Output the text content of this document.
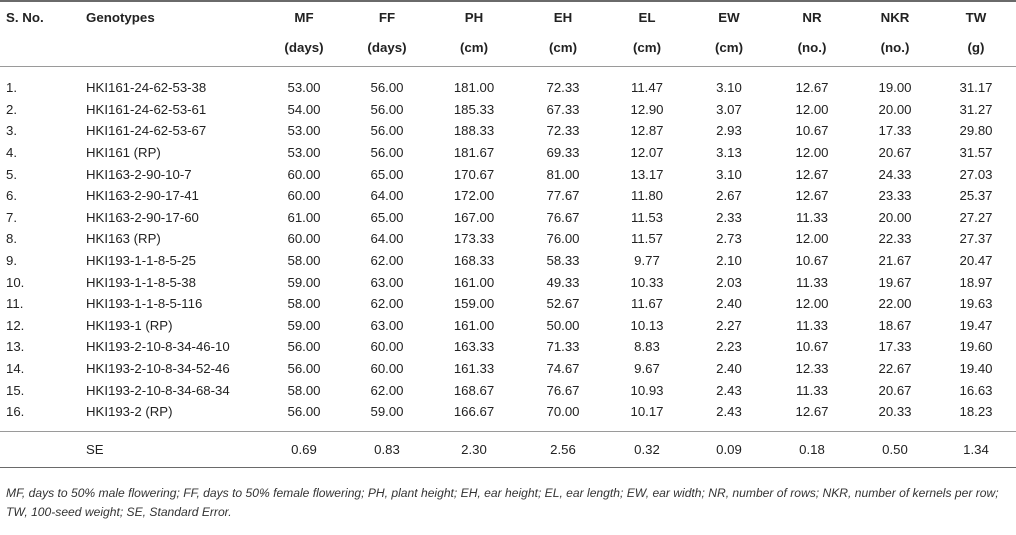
S. No.	Genotypes	MF	FF	PH	EH	EL	EW	NR	NKR	TW
		(days)	(days)	(cm)	(cm)	(cm)	(cm)	(no.)	(no.)	(g)
1.	HKI161-24-62-53-38	53.00	56.00	181.00	72.33	11.47	3.10	12.67	19.00	31.17
2.	HKI161-24-62-53-61	54.00	56.00	185.33	67.33	12.90	3.07	12.00	20.00	31.27
3.	HKI161-24-62-53-67	53.00	56.00	188.33	72.33	12.87	2.93	10.67	17.33	29.80
4.	HKI161 (RP)	53.00	56.00	181.67	69.33	12.07	3.13	12.00	20.67	31.57
5.	HKI163-2-90-10-7	60.00	65.00	170.67	81.00	13.17	3.10	12.67	24.33	27.03
6.	HKI163-2-90-17-41	60.00	64.00	172.00	77.67	11.80	2.67	12.67	23.33	25.37
7.	HKI163-2-90-17-60	61.00	65.00	167.00	76.67	11.53	2.33	11.33	20.00	27.27
8.	HKI163 (RP)	60.00	64.00	173.33	76.00	11.57	2.73	12.00	22.33	27.37
9.	HKI193-1-1-8-5-25	58.00	62.00	168.33	58.33	9.77	2.10	10.67	21.67	20.47
10.	HKI193-1-1-8-5-38	59.00	63.00	161.00	49.33	10.33	2.03	11.33	19.67	18.97
11.	HKI193-1-1-8-5-116	58.00	62.00	159.00	52.67	11.67	2.40	12.00	22.00	19.63
12.	HKI193-1 (RP)	59.00	63.00	161.00	50.00	10.13	2.27	11.33	18.67	19.47
13.	HKI193-2-10-8-34-46-10	56.00	60.00	163.33	71.33	8.83	2.23	10.67	17.33	19.60
14.	HKI193-2-10-8-34-52-46	56.00	60.00	161.33	74.67	9.67	2.40	12.33	22.67	19.40
15.	HKI193-2-10-8-34-68-34	58.00	62.00	168.67	76.67	10.93	2.43	11.33	20.67	16.63
16.	HKI193-2 (RP)	56.00	59.00	166.67	70.00	10.17	2.43	12.67	20.33	18.23
	SE	0.69	0.83	2.30	2.56	0.32	0.09	0.18	0.50	1.34
MF, days to 50% male flowering; FF, days to 50% female flowering; PH, plant height; EH, ear height; EL, ear length; EW, ear width; NR, number of rows; NKR, number of kernels per row; TW, 100-seed weight; SE, Standard Error.
